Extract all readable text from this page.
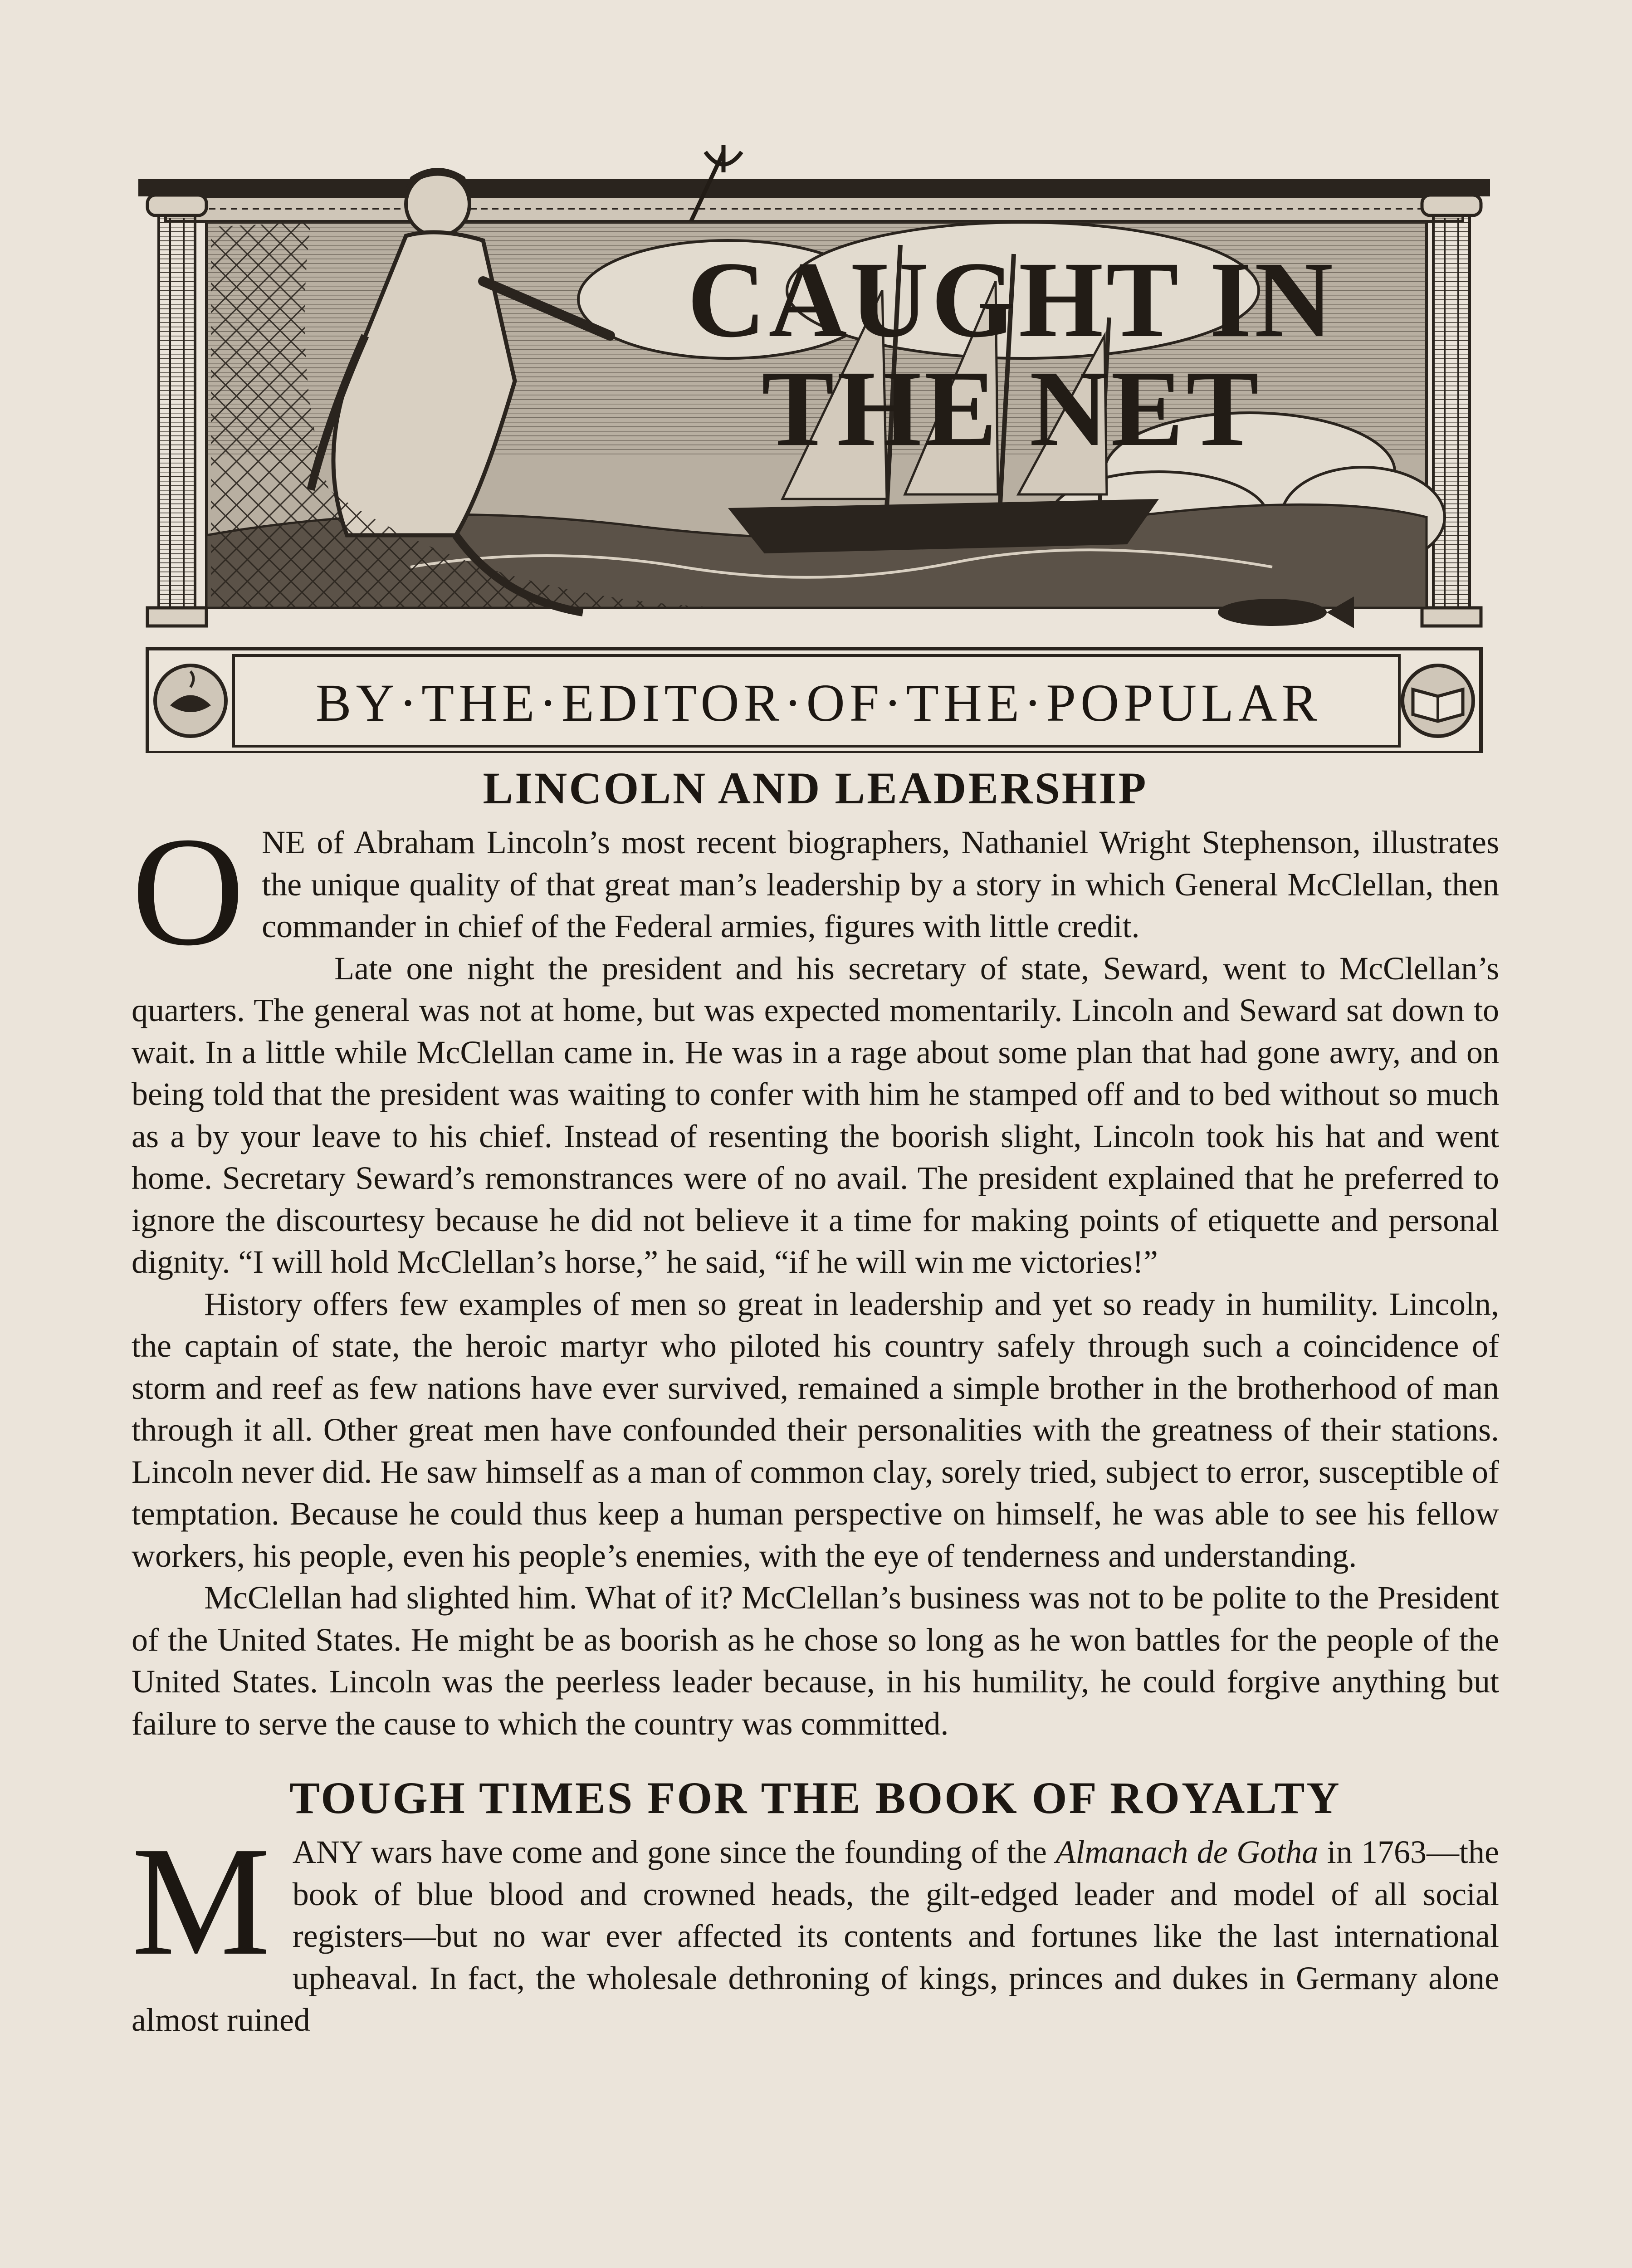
CAUGHT IN
THE NET
BY·THE·EDITOR·OF·THE·POPULAR
LINCOLN AND LEADERSHIP

ONE of Abraham Lincoln’s most recent biographers, Nathaniel Wright Stephenson, illustrates the unique quality of that great man’s leadership by a story in which General McClellan, then commander in chief of the Federal armies, figures with little credit.

Late one night the president and his secretary of state, Seward, went to McClellan’s quarters. The general was not at home, but was expected momentarily. Lincoln and Seward sat down to wait. In a little while McClellan came in. He was in a rage about some plan that had gone awry, and on being told that the president was waiting to confer with him he stamped off and to bed without so much as a by your leave to his chief. Instead of resenting the boorish slight, Lincoln took his hat and went home. Secretary Seward’s remonstrances were of no avail. The president explained that he preferred to ignore the discourtesy because he did not believe it a time for making points of etiquette and personal dignity. “I will hold McClellan’s horse,” he said, “if he will win me victories!”

History offers few examples of men so great in leadership and yet so ready in humility. Lincoln, the captain of state, the heroic martyr who piloted his country safely through such a coincidence of storm and reef as few nations have ever survived, remained a simple brother in the brotherhood of man through it all. Other great men have confounded their personalities with the greatness of their stations. Lincoln never did. He saw himself as a man of common clay, sorely tried, subject to error, susceptible of temptation. Because he could thus keep a human perspective on himself, he was able to see his fellow workers, his people, even his people’s enemies, with the eye of tenderness and understanding.

McClellan had slighted him. What of it? McClellan’s business was not to be polite to the President of the United States. He might be as boorish as he chose so long as he won battles for the people of the United States. Lincoln was the peerless leader because, in his humility, he could forgive anything but failure to serve the cause to which the country was committed.

TOUGH TIMES FOR THE BOOK OF ROYALTY

MANY wars have come and gone since the founding of the Almanach de Gotha in 1763—the book of blue blood and crowned heads, the gilt-edged leader and model of all social registers—but no war ever affected its contents and fortunes like the last international upheaval. In fact, the wholesale dethroning of kings, princes and dukes in Germany alone almost ruined
